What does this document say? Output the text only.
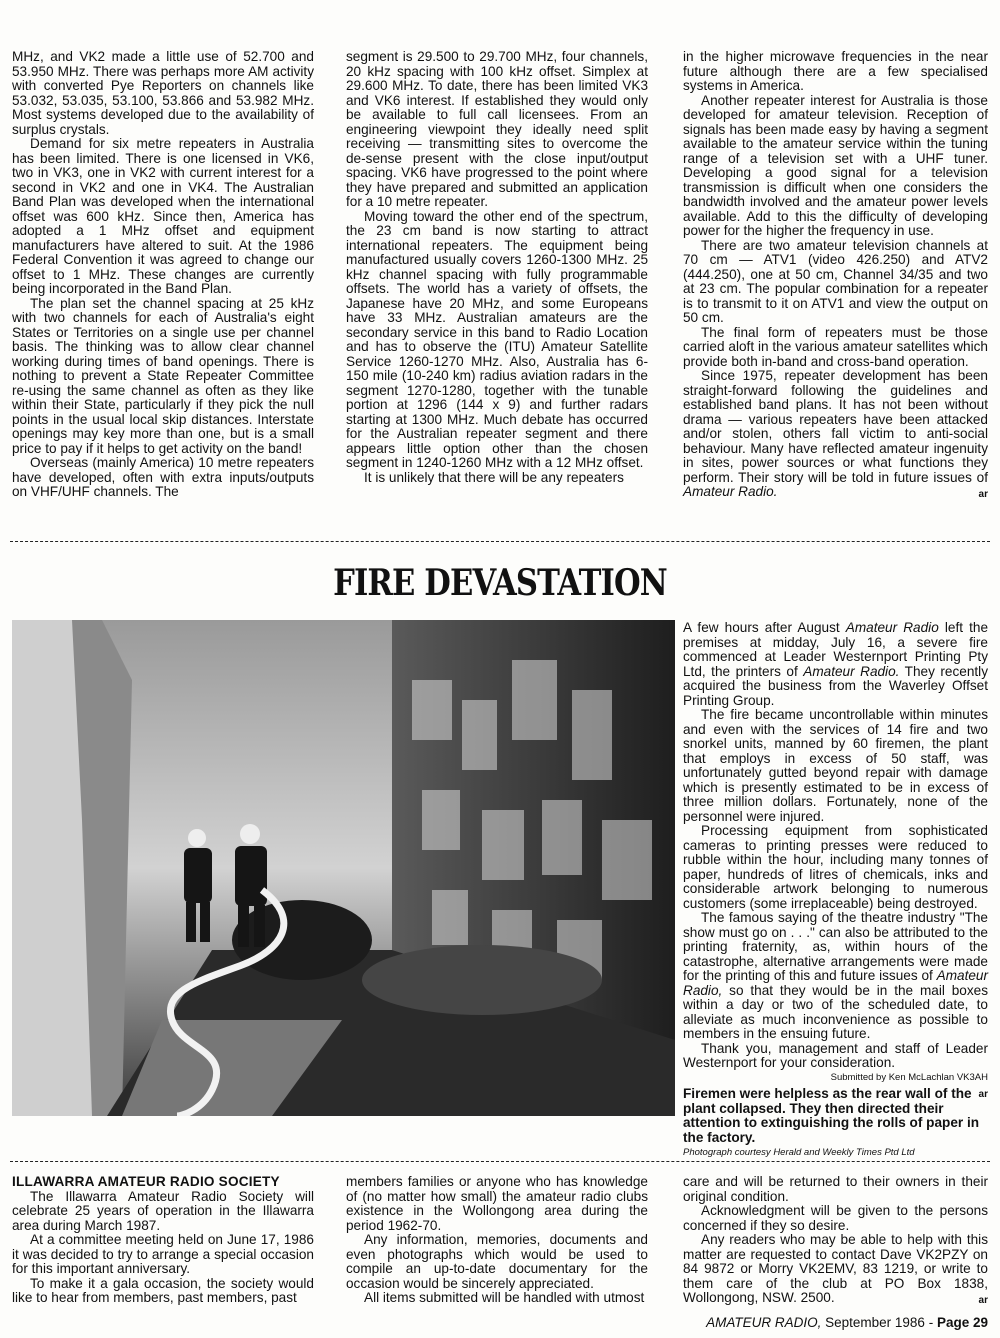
MHz, and VK2 made a little use of 52.700 and 53.950 MHz. There was perhaps more AM activity with converted Pye Reporters on channels like 53.032, 53.035, 53.100, 53.866 and 53.982 MHz. Most systems developed due to the availability of surplus crystals.

Demand for six metre repeaters in Australia has been limited. There is one licensed in VK6, two in VK3, one in VK2 with current interest for a second in VK2 and one in VK4. The Australian Band Plan was developed when the international offset was 600 kHz. Since then, America has adopted a 1 MHz offset and equipment manufacturers have altered to suit. At the 1986 Federal Convention it was agreed to change our offset to 1 MHz. These changes are currently being incorporated in the Band Plan.

The plan set the channel spacing at 25 kHz with two channels for each of Australia's eight States or Territories on a single use per channel basis. The thinking was to allow clear channel working during times of band openings. There is nothing to prevent a State Repeater Committee re-using the same channel as often as they like within their State, particularly if they pick the null points in the usual local skip distances. Interstate openings may key more than one, but is a small price to pay if it helps to get activity on the band!

Overseas (mainly America) 10 metre repeaters have developed, often with extra inputs/outputs on VHF/UHF channels. The

segment is 29.500 to 29.700 MHz, four channels, 20 kHz spacing with 100 kHz offset. Simplex at 29.600 MHz. To date, there has been limited VK3 and VK6 interest. If established they would only be available to full call licensees. From an engineering viewpoint they ideally need split receiving — transmitting sites to overcome the de-sense present with the close input/output spacing. VK6 have progressed to the point where they have prepared and submitted an application for a 10 metre repeater.

Moving toward the other end of the spectrum, the 23 cm band is now starting to attract international repeaters. The equipment being manufactured usually covers 1260-1300 MHz. 25 kHz channel spacing with fully programmable offsets. The world has a variety of offsets, the Japanese have 20 MHz, and some Europeans have 33 MHz. Australian amateurs are the secondary service in this band to Radio Location and has to observe the (ITU) Amateur Satellite Service 1260-1270 MHz. Also, Australia has 6-150 mile (10-240 km) radius aviation radars in the segment 1270-1280, together with the tunable portion at 1296 (144 x 9) and further radars starting at 1300 MHz. Much debate has occurred for the Australian repeater segment and there appears little option other than the chosen segment in 1240-1260 MHz with a 12 MHz offset.

It is unlikely that there will be any repeaters

in the higher microwave frequencies in the near future although there are a few specialised systems in America.

Another repeater interest for Australia is those developed for amateur television. Reception of signals has been made easy by having a segment available to the amateur service within the tuning range of a television set with a UHF tuner. Developing a good signal for a television transmission is difficult when one considers the bandwidth involved and the amateur power levels available. Add to this the difficulty of developing power for the higher the frequency in use.

There are two amateur television channels at 70 cm — ATV1 (video 426.250) and ATV2 (444.250), one at 50 cm, Channel 34/35 and two at 23 cm. The popular combination for a repeater is to transmit to it on ATV1 and view the output on 50 cm.

The final form of repeaters must be those carried aloft in the various amateur satellites which provide both in-band and cross-band operation.

Since 1975, repeater development has been straight-forward following the guidelines and established band plans. It has not been without drama — various repeaters have been attacked and/or stolen, others fall victim to anti-social behaviour. Many have reflected amateur ingenuity in sites, power sources or what functions they perform. Their story will be told in future issues of Amateur Radio.	ar

FIRE DEVASTATION

A few hours after August Amateur Radio left the premises at midday, July 16, a severe fire commenced at Leader Westernport Printing Pty Ltd, the printers of Amateur Radio. They recently acquired the business from the Waverley Offset Printing Group.

The fire became uncontrollable within minutes and even with the services of 14 fire and two snorkel units, manned by 60 firemen, the plant that employs in excess of 50 staff, was unfortunately gutted beyond repair with damage which is presently estimated to be in excess of three million dollars. Fortunately, none of the personnel were injured.

Processing equipment from sophisticated cameras to printing presses were reduced to rubble within the hour, including many tonnes of paper, hundreds of litres of chemicals, inks and considerable artwork belonging to numerous customers (some irreplaceable) being destroyed.

The famous saying of the theatre industry "The show must go on . . ." can also be attributed to the printing fraternity, as, within hours of the catastrophe, alternative arrangements were made for the printing of this and future issues of Amateur Radio, so that they would be in the mail boxes within a day or two of the scheduled date, to alleviate as much inconvenience as possible to members in the ensuing future.

Thank you, management and staff of Leader Westernport for your consideration.

Submitted by Ken McLachlan VK3AH
ar

Firemen were helpless as the rear wall of the plant collapsed. They then directed their attention to extinguishing the rolls of paper in the factory.
Photograph courtesy Herald and Weekly Times Ptd Ltd

ILLAWARRA AMATEUR RADIO SOCIETY

The Illawarra Amateur Radio Society will celebrate 25 years of operation in the Illawarra area during March 1987.

At a committee meeting held on June 17, 1986 it was decided to try to arrange a special occasion for this important anniversary.

To make it a gala occasion, the society would like to hear from members, past members, past

members families or anyone who has knowledge of (no matter how small) the amateur radio clubs existence in the Wollongong area during the period 1962-70.

Any information, memories, documents and even photographs which would be used to compile an up-to-date documentary for the occasion would be sincerely appreciated.

All items submitted will be handled with utmost

care and will be returned to their owners in their original condition.

Acknowledgment will be given to the persons concerned if they so desire.

Any readers who may be able to help with this matter are requested to contact Dave VK2PZY on 84 9872 or Morry VK2EMV, 83 1219, or write to them care of the club at PO Box 1838, Wollongong, NSW. 2500.	ar

AMATEUR RADIO, September 1986 - Page 29
